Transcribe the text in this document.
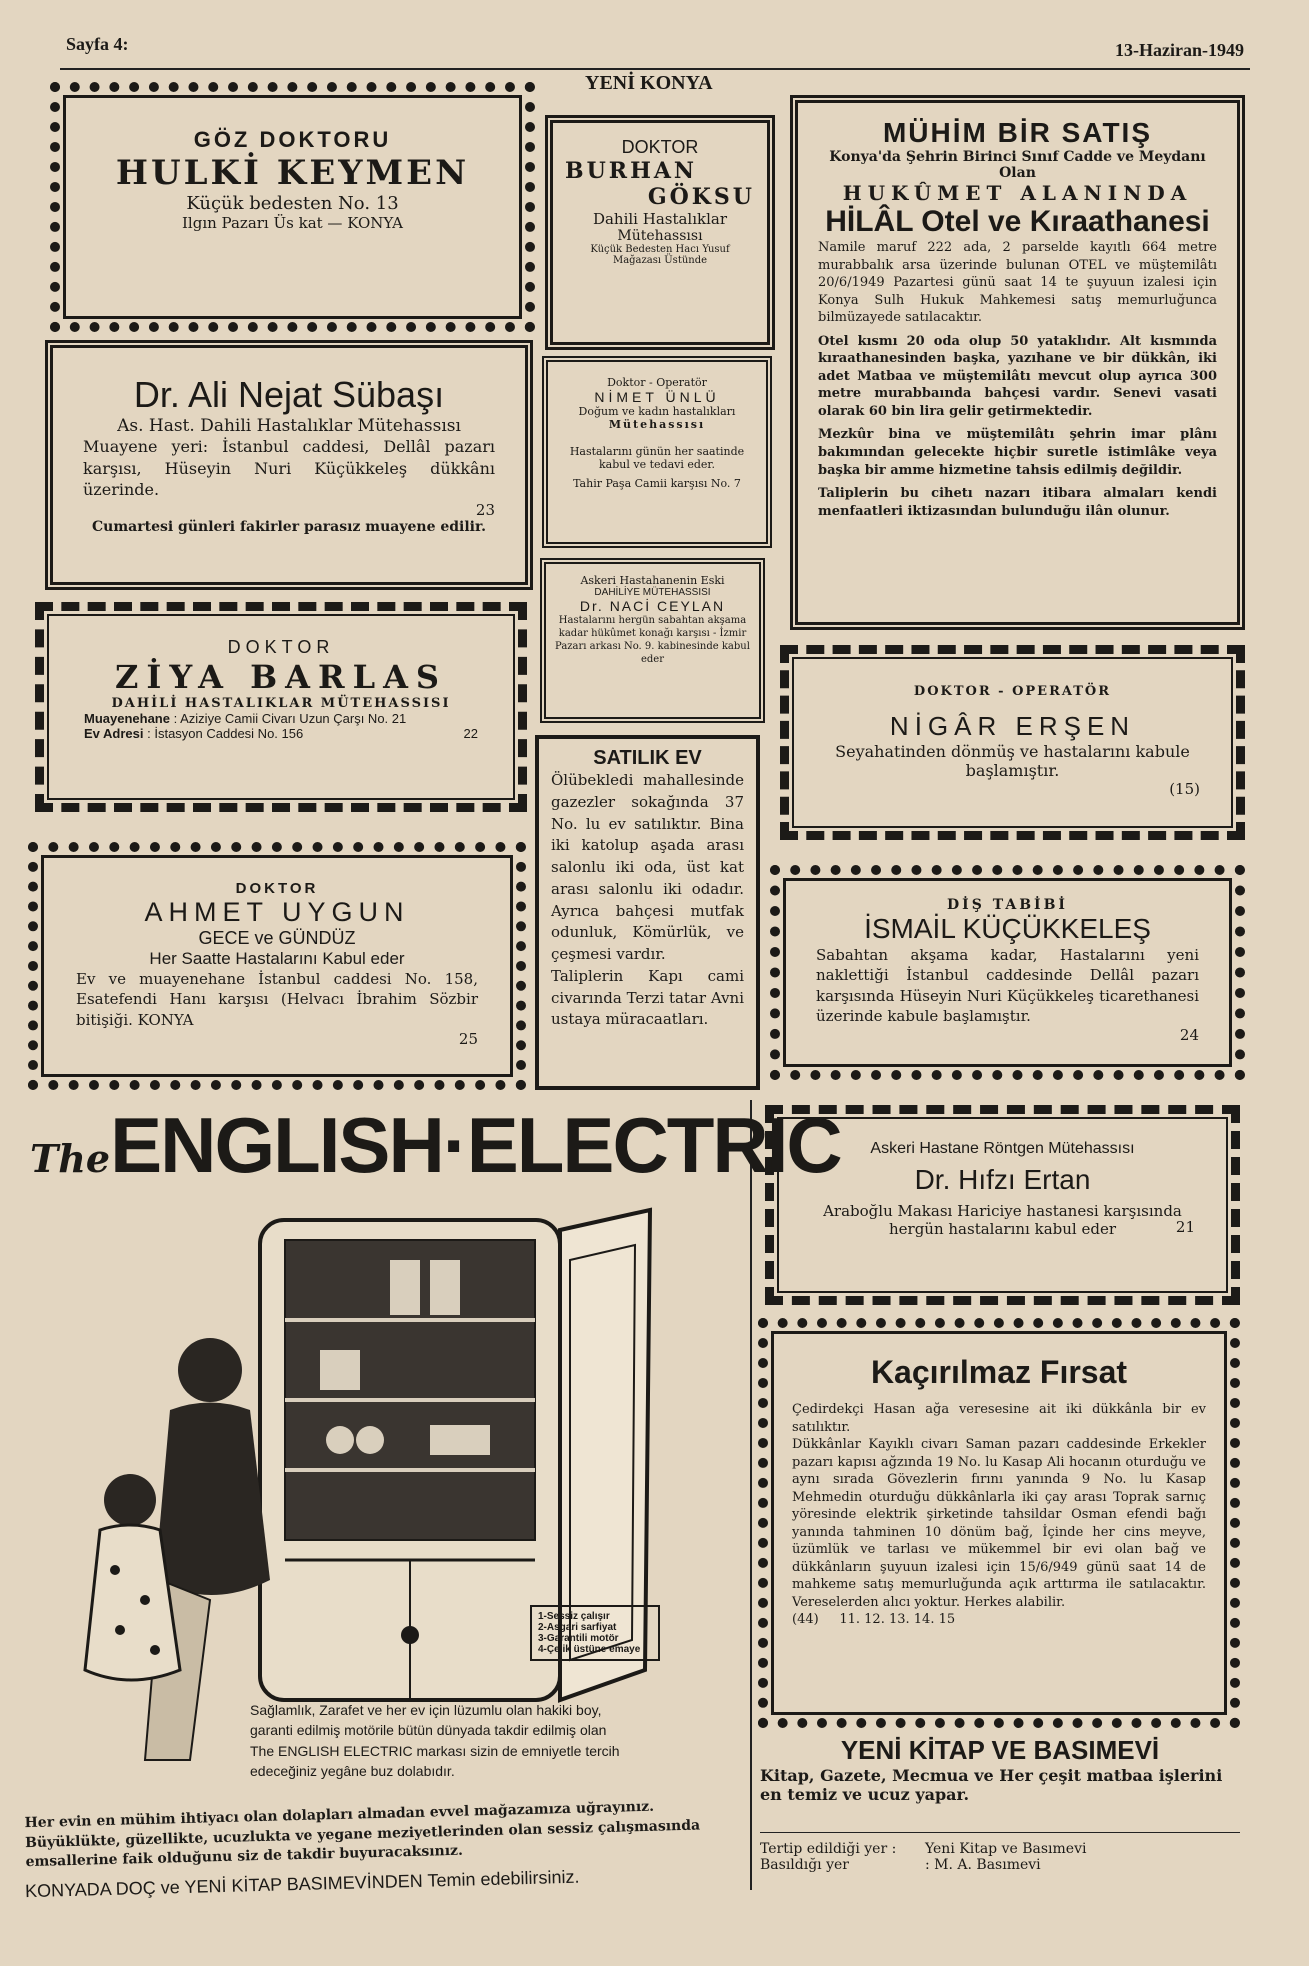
Sayfa 4:
YENİ KONYA
13-Haziran-1949

GÖZ DOKTORU

HULKİ KEYMEN

Küçük bedesten No. 13

Ilgın Pazarı Üs kat — KONYA

Dr. Ali Nejat Sübaşı

As. Hast. Dahili Hastalıklar Mütehassısı

Muayene yeri: İstanbul caddesi, Dellâl pazarı karşısı, Hüseyin Nuri Küçükkeleş dükkânı üzerinde.

23

Cumartesi günleri fakirler parasız muayene edilir.

DOKTOR

ZİYA BARLAS

DAHİLİ HASTALIKLAR MÜTEHASSISI

Muayenehane : Aziziye Camii Civarı Uzun Çarşı No. 21

Ev Adresi : İstasyon Caddesi No. 156	22

DOKTOR

AHMET UYGUN

GECE ve GÜNDÜZ

Her Saatte Hastalarını Kabul eder

Ev ve muayenehane İstanbul caddesi No. 158, Esatefendi Hanı karşısı (Helvacı İbrahim Sözbir bitişiği. KONYA

25

DOKTOR

BURHAN

GÖKSU

Dahili Hastalıklar

Mütehassısı

Küçük Bedesten Hacı Yusuf

Mağazası Üstünde

Doktor - Operatör

NİMET ÜNLÜ

Doğum ve kadın hastalıkları

Mütehassısı

Hastalarını günün her saatinde

kabul ve tedavi eder.

Tahir Paşa Camii karşısı No. 7

Askeri Hastahanenin Eski

DAHİLİYE MÜTEHASSISI

Dr. NACİ CEYLAN

Hastalarını hergün sabahtan akşama kadar hükûmet konağı karşısı - İzmir Pazarı arkası No. 9. kabinesinde kabul eder

SATILIK EV

Ölübekledi mahallesinde gazezler sokağında 37 No. lu ev satılıktır. Bina iki katolup aşada arası salonlu iki oda, üst kat arası salonlu iki odadır. Ayrıca bahçesi mutfak odunluk, Kömürlük, ve çeşmesi vardır.

Taliplerin Kapı cami civarında Terzi tatar Avni ustaya müracaatları.

MÜHİM BİR SATIŞ

Konya'da Şehrin Birinci Sınıf Cadde ve Meydanı Olan

HUKÛMET ALANINDA

HİLÂL Otel ve Kıraathanesi

Namile maruf 222 ada, 2 parselde kayıtlı 664 metre murabbalık arsa üzerinde bulunan OTEL ve müştemilâtı 20/6/1949 Pazartesi günü saat 14 te şuyuun izalesi için Konya Sulh Hukuk Mahkemesi satış memurluğunca bilmüzayede satılacaktır.

Otel kısmı 20 oda olup 50 yataklıdır. Alt kısmında kıraathanesinden başka, yazıhane ve bir dükkân, iki adet Matbaa ve müştemilâtı mevcut olup ayrıca 300 metre murabbaında bahçesi vardır. Senevi vasati olarak 60 bin lira gelir getirmektedir.

Mezkûr bina ve müştemilâtı şehrin imar plânı bakımından gelecekte hiçbir suretle istimlâke veya başka bir amme hizmetine tahsis edilmiş değildir.

Taliplerin bu cihetı nazarı itibara almaları kendi menfaatleri iktizasından bulunduğu ilân olunur.

DOKTOR - OPERATÖR

NİGÂR ERŞEN

Seyahatinden dönmüş ve hastalarını kabule başlamıştır.

(15)

DİŞ TABİBİ

İSMAİL KÜÇÜKKELEŞ

Sabahtan akşama kadar, Hastalarını yeni naklettiği İstanbul caddesinde Dellâl pazarı karşısında Hüseyin Nuri Küçükkeleş ticarethanesi üzerinde kabule başlamıştır.

24

Askeri Hastane Röntgen Mütehassısı

Dr. Hıfzı Ertan

Araboğlu Makası Hariciye hastanesi karşısında

hergün hastalarını kabul eder	21

Kaçırılmaz Fırsat

Çedirdekçi Hasan ağa veresesine ait iki dükkânla bir ev satılıktır.

Dükkânlar Kayıklı civarı Saman pazarı caddesinde Erkekler pazarı kapısı ağzında 19 No. lu Kasap Ali hocanın oturduğu ve aynı sırada Gövezlerin fırını yanında 9 No. lu Kasap Mehmedin oturduğu dükkânlarla iki çay arası Toprak sarnıç yöresinde elektrik şirketinde tahsildar Osman efendi bağı yanında tahminen 10 dönüm bağ, İçinde her cins meyve, üzümlük ve tarlası ve mükemmel bir evi olan bağ ve dükkânların şuyuun izalesi için 15/6/949 günü saat 14 de mahkeme satış memurluğunda açık arttırma ile satılacaktır. Vereselerden alıcı yoktur. Herkes alabilir.

(44) 11. 12. 13. 14. 15

YENİ KİTAP VE BASIMEVİ

Kitap, Gazete, Mecmua ve Her çeşit matbaa işlerini en temiz ve ucuz yapar.

Tertip edildiği yer : Yeni Kitap ve Basımevi

Basıldığı yer	: M. A. Basımevi

TheENGLISH·ELECTRIC

1-Sessiz çalışır

2-Asgari sarfiyat

3-Garantili motör

4-Çelik üstüne emaye

Sağlamlık, Zarafet ve her ev için lüzumlu olan hakiki boy, garanti edilmiş motörile bütün dünyada takdir edilmiş olan The ENGLISH ELECTRIC markası sizin de emniyetle tercih edeceğiniz yegâne buz dolabıdır.
Her evin en mühim ihtiyacı olan dolapları almadan evvel mağazamıza uğrayınız. Büyüklükte, güzellikte, ucuzlukta ve yegane meziyetlerinden olan sessiz çalışmasında emsallerine faik olduğunu siz de takdir buyuracaksınız.
KONYADA DOÇ ve YENİ KİTAP BASIMEVİNDEN Temin edebilirsiniz.
